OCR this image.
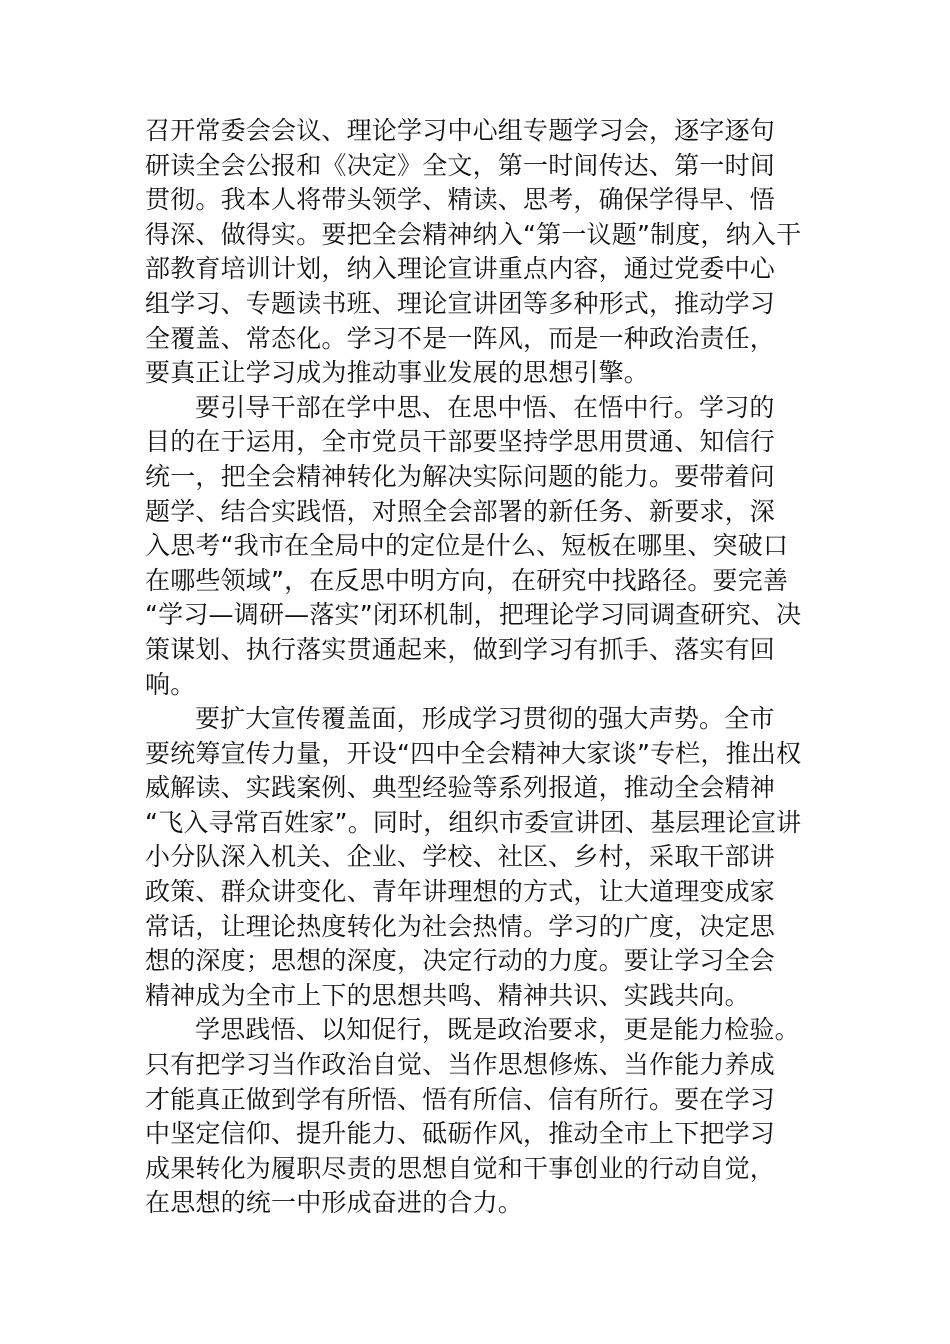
召开常委会会议、理论学习中心组专题学习会，逐字逐句
研读全会公报和《决定》全文，第一时间传达、第一时间
贯彻。我本人将带头领学、精读、思考，确保学得早、悟
得深、做得实。要把全会精神纳入“第一议题”制度，纳入干
部教育培训计划，纳入理论宣讲重点内容，通过党委中心
组学习、专题读书班、理论宣讲团等多种形式，推动学习
全覆盖、常态化。学习不是一阵风，而是一种政治责任，
要真正让学习成为推动事业发展的思想引擎。
要引导干部在学中思、在思中悟、在悟中行。学习的
目的在于运用，全市党员干部要坚持学思用贯通、知信行
统一，把全会精神转化为解决实际问题的能力。要带着问
题学、结合实践悟，对照全会部署的新任务、新要求，深
入思考“我市在全局中的定位是什么、短板在哪里、突破口
在哪些领域”，在反思中明方向，在研究中找路径。要完善
“学习—调研—落实”闭环机制，把理论学习同调查研究、决
策谋划、执行落实贯通起来，做到学习有抓手、落实有回
响。
要扩大宣传覆盖面，形成学习贯彻的强大声势。全市
要统筹宣传力量，开设“四中全会精神大家谈”专栏，推出权
威解读、实践案例、典型经验等系列报道，推动全会精神
“飞入寻常百姓家”。同时，组织市委宣讲团、基层理论宣讲
小分队深入机关、企业、学校、社区、乡村，采取干部讲
政策、群众讲变化、青年讲理想的方式，让大道理变成家
常话，让理论热度转化为社会热情。学习的广度，决定思
想的深度；思想的深度，决定行动的力度。要让学习全会
精神成为全市上下的思想共鸣、精神共识、实践共向。
学思践悟、以知促行，既是政治要求，更是能力检验。
只有把学习当作政治自觉、当作思想修炼、当作能力养成
才能真正做到学有所悟、悟有所信、信有所行。要在学习
中坚定信仰、提升能力、砥砺作风，推动全市上下把学习
成果转化为履职尽责的思想自觉和干事创业的行动自觉，
在思想的统一中形成奋进的合力。
